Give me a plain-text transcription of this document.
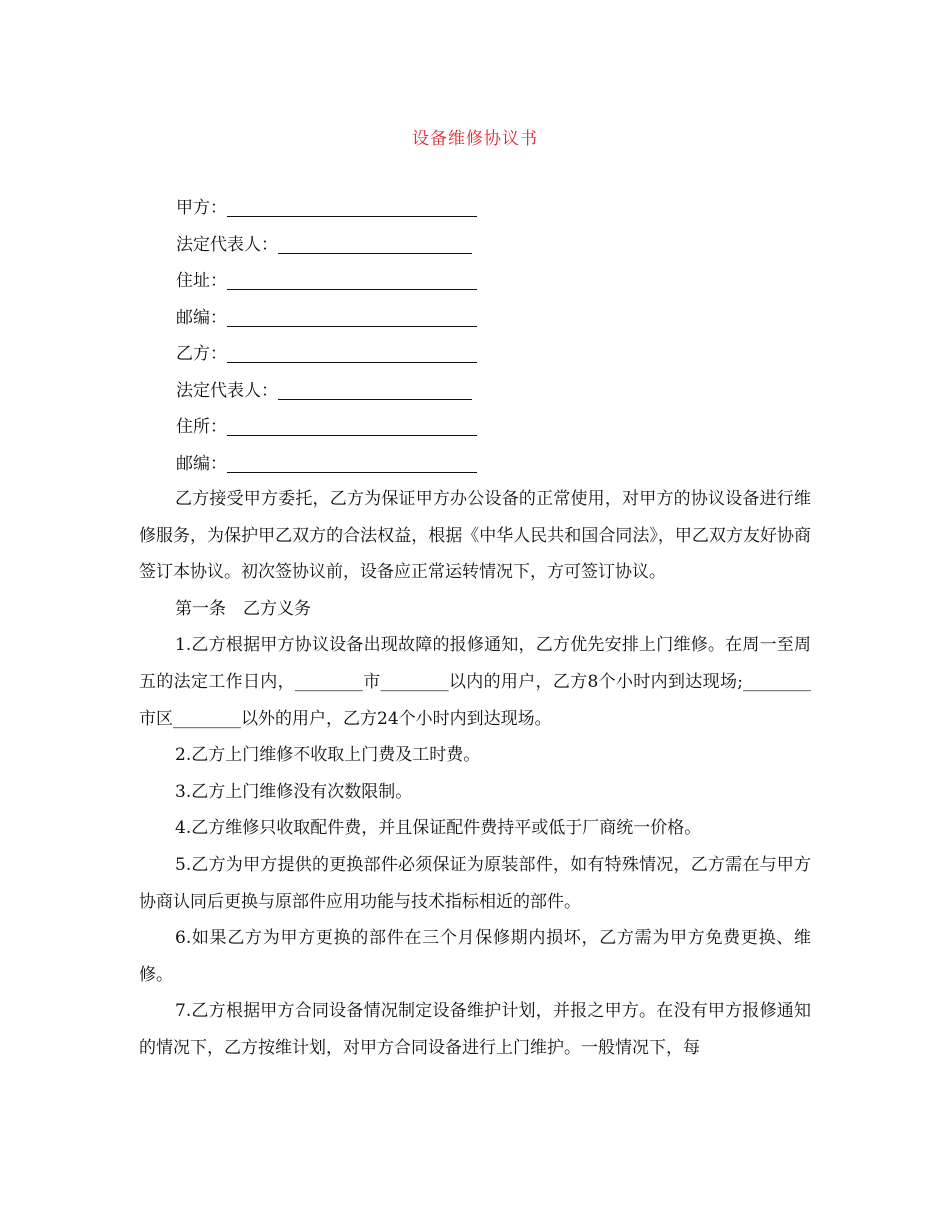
设备维修协议书
甲方：
法定代表人：
住址：
邮编：
乙方：
法定代表人：
住所：
邮编：

乙方接受甲方委托，乙方为保证甲方办公设备的正常使用，对甲方的协议设备进行维修服务，为保护甲乙双方的合法权益，根据《中华人民共和国合同法》，甲乙双方友好协商签订本协议。初次签协议前，设备应正常运转情况下，方可签订协议。

第一条　乙方义务

1.乙方根据甲方协议设备出现故障的报修通知，乙方优先安排上门维修。在周一至周五的法定工作日内，________市________以内的用户，乙方8个小时内到达现场;________市区________以外的用户，乙方24个小时内到达现场。

2.乙方上门维修不收取上门费及工时费。

3.乙方上门维修没有次数限制。

4.乙方维修只收取配件费，并且保证配件费持平或低于厂商统一价格。

5.乙方为甲方提供的更换部件必须保证为原装部件，如有特殊情况，乙方需在与甲方协商认同后更换与原部件应用功能与技术指标相近的部件。

6.如果乙方为甲方更换的部件在三个月保修期内损坏，乙方需为甲方免费更换、维修。

7.乙方根据甲方合同设备情况制定设备维护计划，并报之甲方。在没有甲方报修通知的情况下，乙方按维计划，对甲方合同设备进行上门维护。一般情况下，每
